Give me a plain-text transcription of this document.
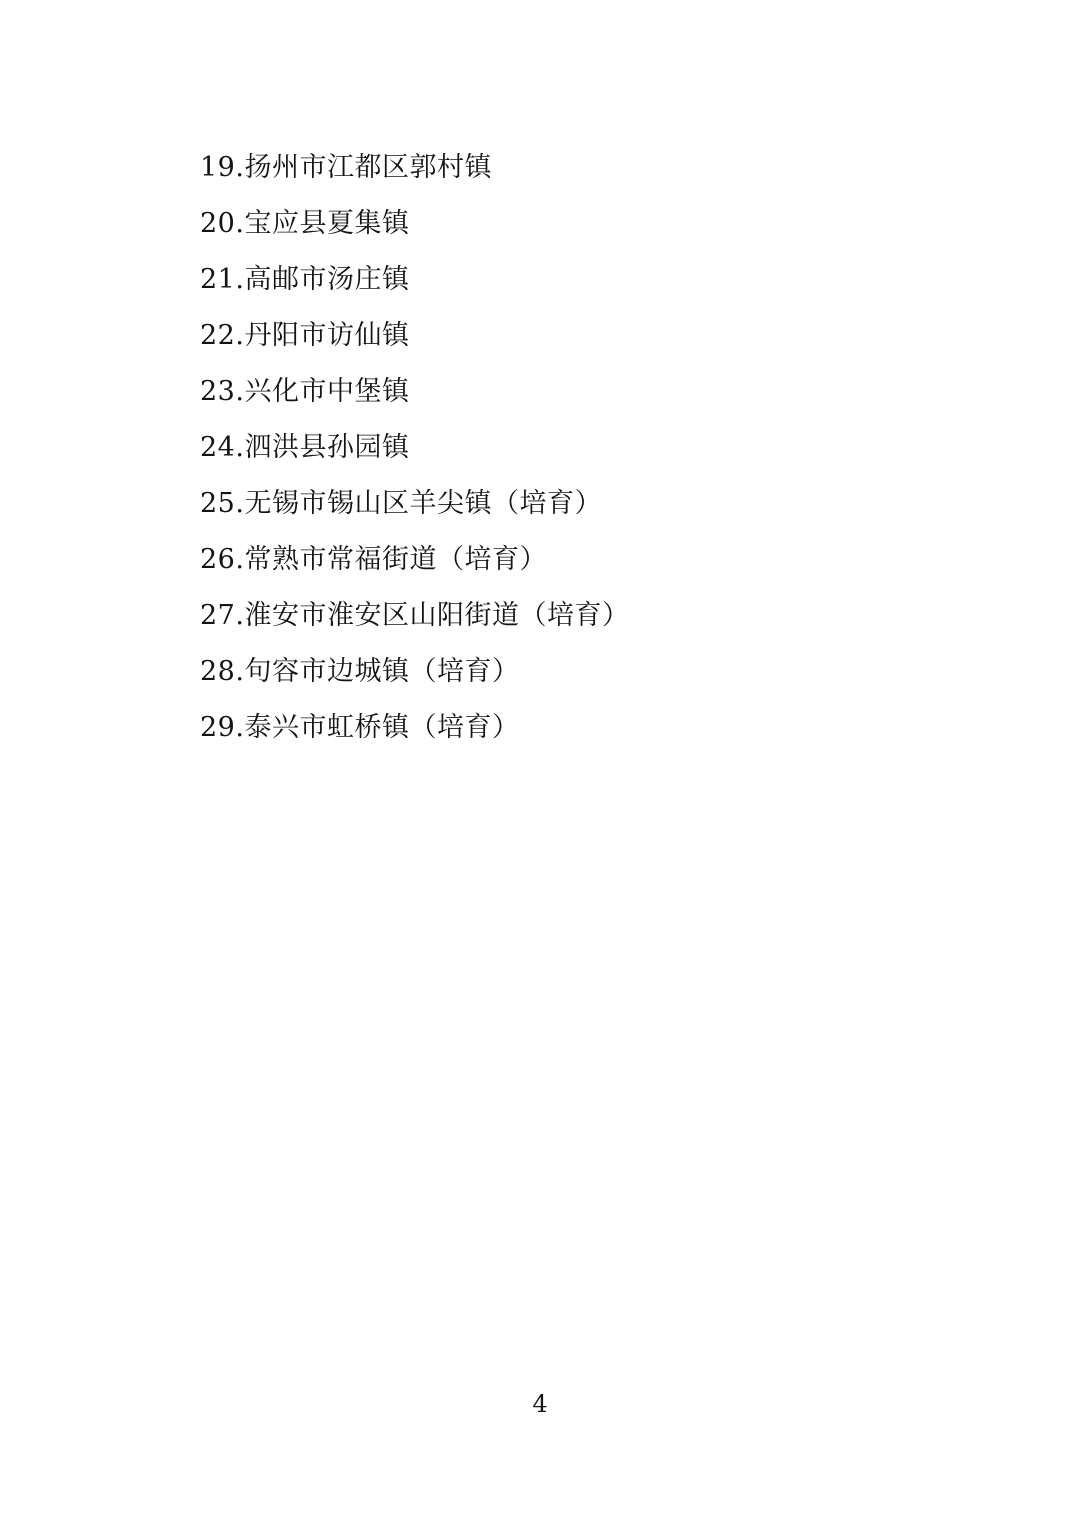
19.扬州市江都区郭村镇
20.宝应县夏集镇
21.高邮市汤庄镇
22.丹阳市访仙镇
23.兴化市中堡镇
24.泗洪县孙园镇
25.无锡市锡山区羊尖镇（培育）
26.常熟市常福街道（培育）
27.淮安市淮安区山阳街道（培育）
28.句容市边城镇（培育）
29.泰兴市虹桥镇（培育）
4
